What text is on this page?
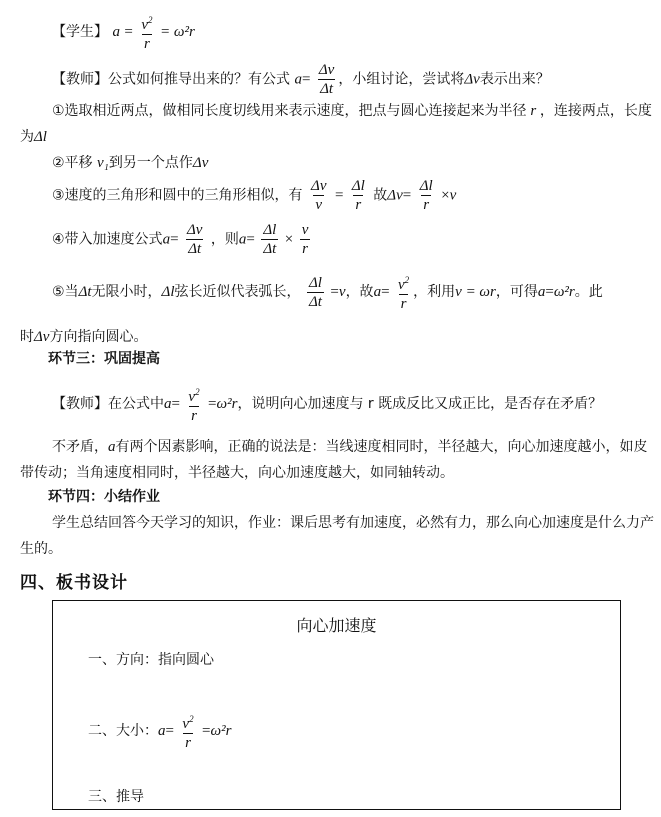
【学生】 $a = \frac{v^2}{r} = \omega^2r$
【教师】公式如何推导出来的？有公式 $a= \frac{\Delta v}{\Delta t}$ ，小组讨论，尝试将Δv表示出来？
①选取相近两点，做相同长度切线用来表示速度，把点与圆心连接起来为半径 r ，连接两点，长度
为Δl
②平移 v₁到另一个点作Δv
③速度的三角形和圆中的三角形相似，有 $\frac{\Delta v}{v} = \frac{\Delta l}{r}$ 故$\Delta v= \frac{\Delta l}{r} \times v$
④带入加速度公式$a= \frac{\Delta v}{\Delta t}$ ，则$a= \frac{\Delta l}{\Delta t} \times \frac{v}{r}$
⑤当Δt无限小时，Δl弦长近似代表弧长， $\frac{\Delta l}{\Delta t} =v$，故$a= \frac{v^2}{r}$ ，利用v = ωr，可得a=ω²r。此
时Δv方向指向圆心。
环节三：巩固提高
【教师】在公式中$a= \frac{v^2}{r} =\omega^2r$，说明向心加速度与 r 既成反比又成正比，是否存在矛盾？
不矛盾，a有两个因素影响，正确的说法是：当线速度相同时，半径越大，向心加速度越小，如皮
带传动；当角速度相同时，半径越大，向心加速度越大，如同轴转动。
环节四：小结作业
学生总结回答今天学习的知识，作业：课后思考有加速度，必然有力，那么向心加速度是什么力产
生的。
四、板书设计
向心加速度
一、方向：指向圆心
二、大小：$a= \frac{v^2}{r} =\omega^2r$
三、推导
